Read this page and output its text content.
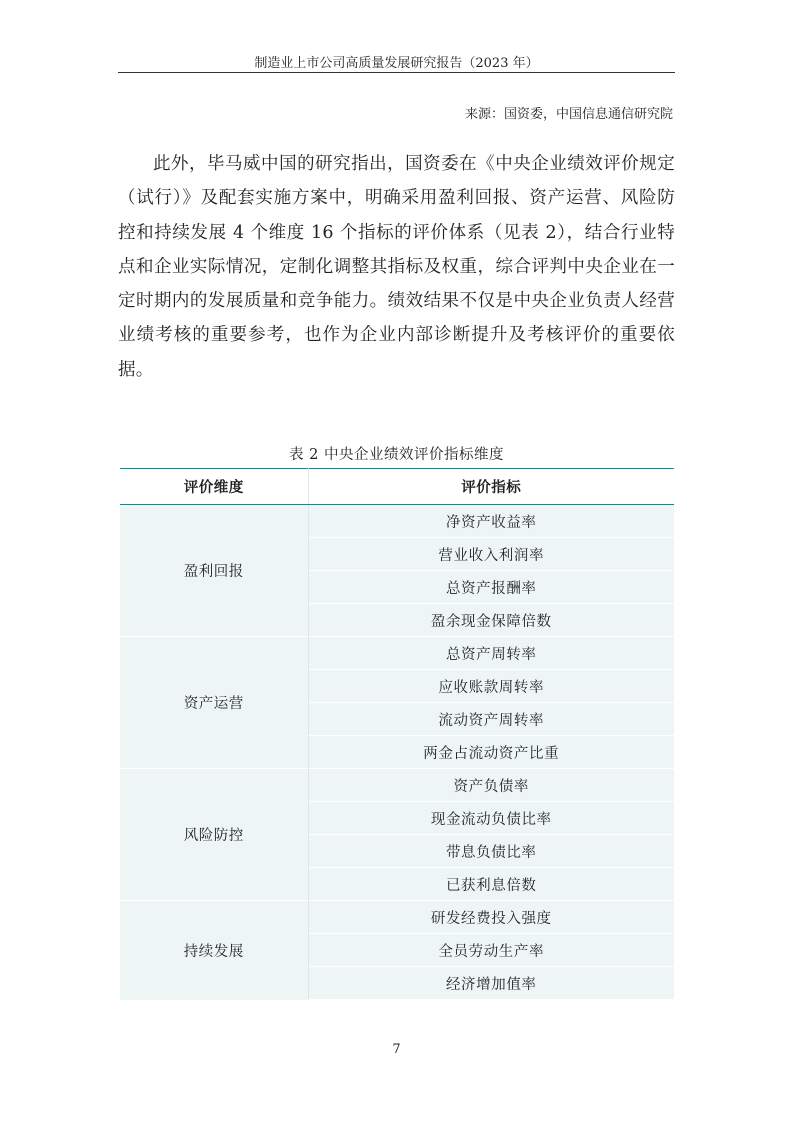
制造业上市公司高质量发展研究报告（2023 年）
来源：国资委，中国信息通信研究院

此外，毕马威中国的研究指出，国资委在《中央企业绩效评价规定（试行）》及配套实施方案中，明确采用盈利回报、资产运营、风险防控和持续发展 4 个维度 16 个指标的评价体系（见表 2），结合行业特点和企业实际情况，定制化调整其指标及权重，综合评判中央企业在一定时期内的发展质量和竞争能力。绩效结果不仅是中央企业负责人经营业绩考核的重要参考，也作为企业内部诊断提升及考核评价的重要依据。

表 2 中央企业绩效评价指标维度
评价维度	评价指标
盈利回报	净资产收益率
	营业收入利润率
	总资产报酬率
	盈余现金保障倍数
资产运营	总资产周转率
	应收账款周转率
	流动资产周转率
	两金占流动资产比重
风险防控	资产负债率
	现金流动负债比率
	带息负债比率
	已获利息倍数
持续发展	研发经费投入强度
	全员劳动生产率
	经济增加值率
7
